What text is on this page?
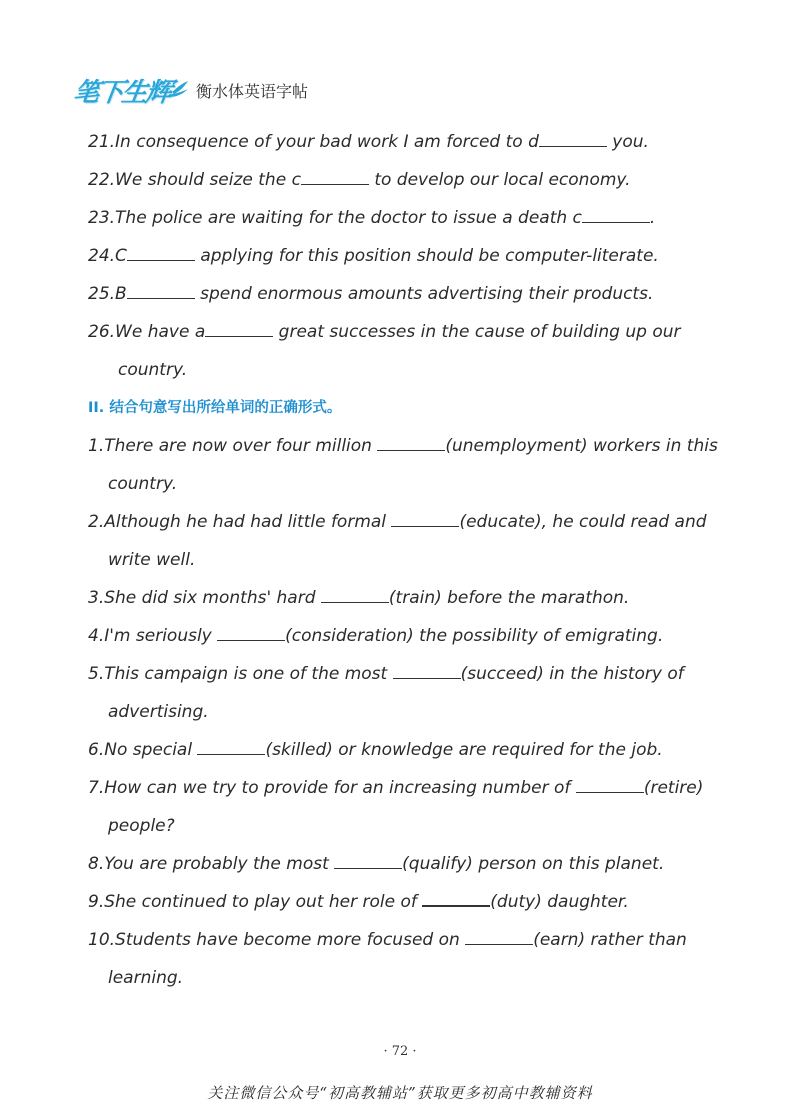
笔下生辉 衡水体英语字帖
21.In consequence of your bad work I am forced to d	you.
22.We should seize the c	to develop our local economy.
23.The police are waiting for the doctor to issue a death c	.
24.C	applying for this position should be computer-literate.
25.B	spend enormous amounts advertising their products.
26.We have a	great successes in the cause of building up our
country.
II. 结合句意写出所给单词的正确形式。
1.There are now over four million	(unemployment) workers in this
country.
2.Although he had had little formal	(educate), he could read and
write well.
3.She did six months' hard	(train) before the marathon.
4.I'm seriously	(consideration) the possibility of emigrating.
5.This campaign is one of the most	(succeed) in the history of
advertising.
6.No special	(skilled) or knowledge are required for the job.
7.How can we try to provide for an increasing number of	(retire)
people?
8.You are probably the most	(qualify) person on this planet.
9.She continued to play out her role of	(duty) daughter.
10.Students have become more focused on	(earn) rather than
learning.
· 72 ·
关注微信公众号“初高教辅站”获取更多初高中教辅资料
